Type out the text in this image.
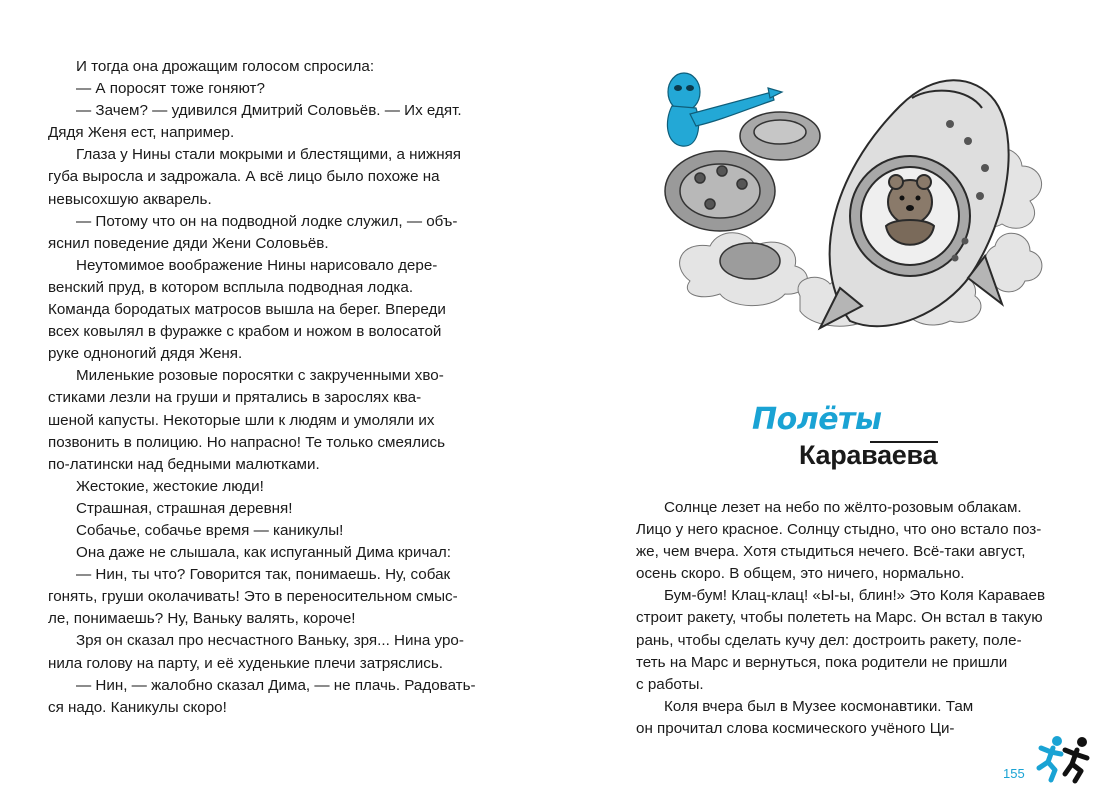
И тогда она дрожащим голосом спросила:

— А поросят тоже гоняют?

— Зачем? — удивился Дмитрий Соловьёв. — Их едят.

Дядя Женя ест, например.

Глаза у Нины стали мокрыми и блестящими, а нижняя

губа выросла и задрожала. А всё лицо было похоже на

невысохшую акварель.

— Потому что он на подводной лодке служил, — объ-

яснил поведение дяди Жени Соловьёв.

Неутомимое воображение Нины нарисовало дере-

венский пруд, в котором всплыла подводная лодка.

Команда бородатых матросов вышла на берег. Впереди

всех ковылял в фуражке с крабом и ножом в волосатой

руке одноногий дядя Женя.

Миленькие розовые поросятки с закрученными хво-

стиками лезли на груши и прятались в зарослях ква-

шеной капусты. Некоторые шли к людям и умоляли их

позвонить в полицию. Но напрасно! Те только смеялись

по-латински над бедными малютками.

Жестокие, жестокие люди!

Страшная, страшная деревня!

Собачье, собачье время — каникулы!

Она даже не слышала, как испуганный Дима кричал:

— Нин, ты что? Говорится так, понимаешь. Ну, собак

гонять, груши околачивать! Это в переносительном смыс-

ле, понимаешь? Ну, Ваньку валять, короче!

Зря он сказал про несчастного Ваньку, зря... Нина уро-

нила голову на парту, и её худенькие плечи затряслись.

— Нин, — жалобно сказал Дима, — не плачь. Радовать-

ся надо. Каникулы скоро!

Полёты
Караваева

Солнце лезет на небо по жёлто-розовым облакам.

Лицо у него красное. Солнцу стыдно, что оно встало поз-

же, чем вчера. Хотя стыдиться нечего. Всё-таки август,

осень скоро. В общем, это ничего, нормально.

Бум-бум! Клац-клац! «Ы-ы, блин!» Это Коля Караваев

строит ракету, чтобы полететь на Марс. Он встал в такую

рань, чтобы сделать кучу дел: достроить ракету, поле-

теть на Марс и вернуться, пока родители не пришли

с работы.

Коля вчера был в Музее космонавтики. Там

он прочитал слова космического учёного Ци-

155
